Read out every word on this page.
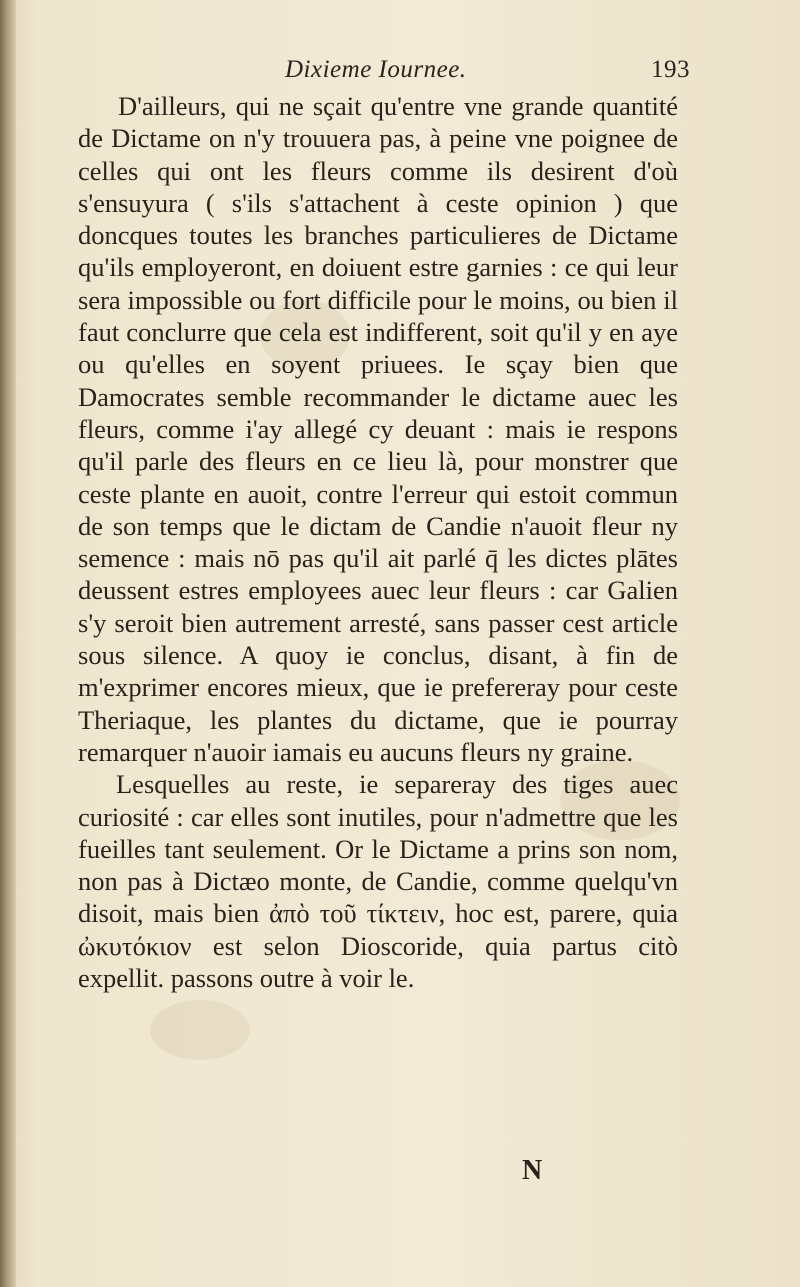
Dixieme Iournee.	193
D'ailleurs, qui ne sçait qu'entre vne grande quantité de Dictame on n'y trouuera pas, à peine vne poignee de celles qui ont les fleurs comme ils desirent d'où s'ensuyura ( s'ils s'attachent à ceste opinion ) que doncques toutes les branches particulieres de Dictame qu'ils employeront, en doiuent estre garnies : ce qui leur sera impossible ou fort difficile pour le moins, ou bien il faut conclurre que cela est indifferent, soit qu'il y en aye ou qu'elles en soyent priuees. Ie sçay bien que Damocrates semble recommander le dictame auec les fleurs, comme i'ay allegé cy deuant : mais ie respons qu'il parle des fleurs en ce lieu là, pour monstrer que ceste plante en auoit, contre l'erreur qui estoit commun de son temps que le dictam de Candie n'auoit fleur ny semence : mais nō pas qu'il ait parlé q̄ les dictes plātes deussent estres employees auec leur fleurs : car Galien s'y seroit bien autrement arresté, sans passer cest article sous silence. A quoy ie conclus, disant, à fin de m'exprimer encores mieux, que ie prefereray pour ceste Theriaque, les plantes du dictame, que ie pourray remarquer n'auoir iamais eu aucuns fleurs ny graine.
Lesquelles au reste, ie separeray des tiges auec curiosité : car elles sont inutiles, pour n'admettre que les fueilles tant seulement. Or le Dictame a prins son nom, non pas à Dictæo monte, de Candie, comme quelqu'vn disoit, mais bien ἀπὸ τοῦ τίκτειν, hoc est, parere, quia ὠκυτόκιον est selon Dioscoride, quia partus citò expellit. passons outre à voir le.
N
